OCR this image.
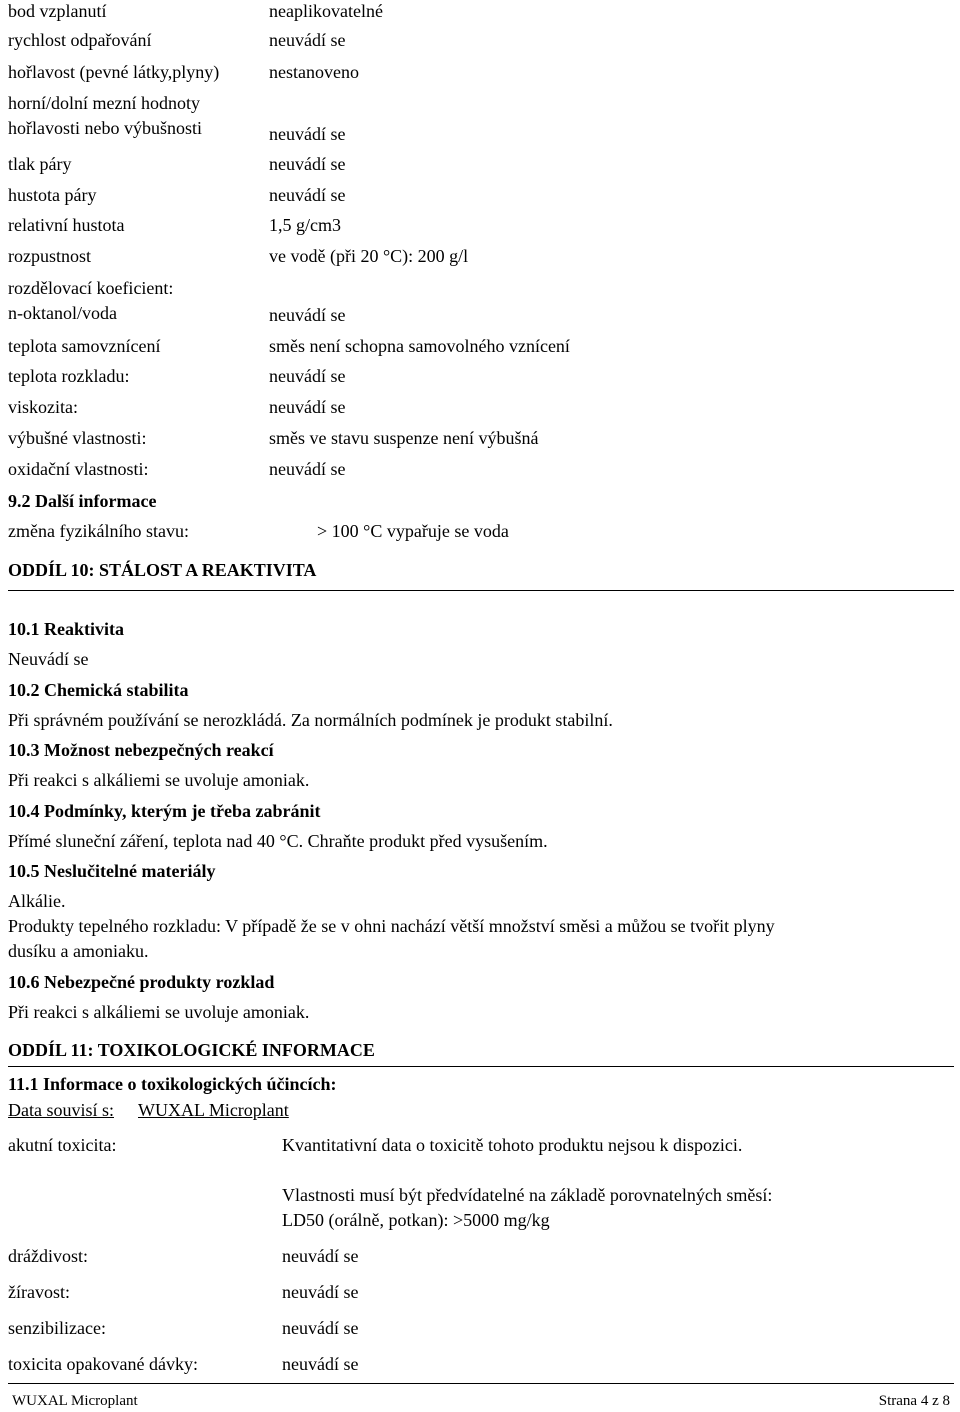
bod vzplanutí	neaplikovatelné
rychlost odpařování	neuvádí se
hořlavost (pevné látky,plyny)	nestanoveno
horní/dolní mezní hodnoty
hořlavosti nebo výbušnosti	neuvádí se
tlak páry	neuvádí se
hustota páry	neuvádí se
relativní hustota	1,5 g/cm3
rozpustnost	ve vodě (při 20 °C): 200 g/l
rozdělovací koeficient:
n-oktanol/voda	neuvádí se
teplota samovznícení	směs není schopna samovolného vznícení
teplota rozkladu:	neuvádí se
viskozita:	neuvádí se
výbušné vlastnosti:	směs ve stavu suspenze není výbušná
oxidační vlastnosti:	neuvádí se
9.2 Další informace
změna fyzikálního stavu:	> 100 °C vypařuje se voda
ODDÍL 10: STÁLOST A REAKTIVITA
10.1 Reaktivita
Neuvádí se
10.2 Chemická stabilita
Při správném používání se nerozkládá. Za normálních podmínek je produkt stabilní.
10.3 Možnost nebezpečných reakcí
Při reakci s alkáliemi se uvoluje amoniak.
10.4 Podmínky, kterým je třeba zabránit
Přímé sluneční záření, teplota nad 40 °C. Chraňte produkt před vysušením.
10.5 Neslučitelné materiály
Alkálie.
Produkty tepelného rozkladu: V případě že se v ohni nachází větší množství směsi a můžou se tvořit plyny
dusíku a amoniaku.
10.6 Nebezpečné produkty rozklad
Při reakci s alkáliemi se uvoluje amoniak.
ODDÍL 11: TOXIKOLOGICKÉ INFORMACE
11.1 Informace o toxikologických účincích:
Data souvisí s: WUXAL Microplant
akutní toxicita:	Kvantitativní data o toxicitě tohoto produktu nejsou k dispozici.
Vlastnosti musí být předvídatelné na základě porovnatelných směsí:
LD50 (orálně, potkan): >5000 mg/kg
dráždivost:	neuvádí se
žíravost:	neuvádí se
senzibilizace:	neuvádí se
toxicita opakované dávky:	neuvádí se
WUXAL Microplant	Strana 4 z 8
